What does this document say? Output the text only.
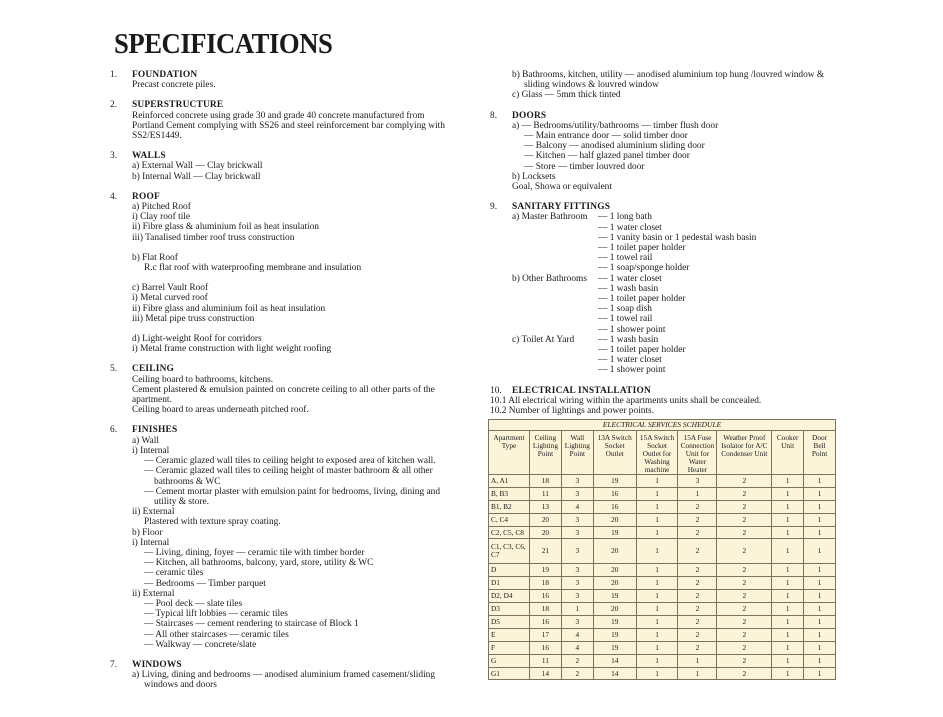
SPECIFICATIONS
1. FOUNDATION
Precast concrete piles.
2. SUPERSTRUCTURE
Reinforced concrete using grade 30 and grade 40 concrete manufactured from
Portland Cement complying with SS26 and steel reinforcement bar complying with
SS2/ES1449.
3. WALLS
a) External Wall — Clay brickwall
b) Internal Wall — Clay brickwall
4. ROOF
a) Pitched Roof
i) Clay roof tile
ii) Fibre glass & aluminium foil as heat insulation
iii) Tanalised timber roof truss construction
b) Flat Roof
R.c flat roof with waterproofing membrane and insulation
c) Barrel Vault Roof
i) Metal curved roof
ii) Fibre glass and aluminium foil as heat insulation
iii) Metal pipe truss construction
d) Light-weight Roof for corridors
i) Metal frame construction with light weight roofing
5. CEILING
Ceiling board to bathrooms, kitchens.
Cement plastered & emulsion painted on concrete ceiling to all other parts of the
apartment.
Ceiling board to areas underneath pitched roof.
6. FINISHES
a) Wall
i) Internal
— Ceramic glazed wall tiles to ceiling height to exposed area of kitchen wall.
— Ceramic glazed wall tiles to ceiling height of master bathroom & all other
bathrooms & WC
— Cement mortar plaster with emulsion paint for bedrooms, living, dining and
utility & store.
ii) External
Plastered with texture spray coating.
b) Floor
i) Internal
— Living, dining, foyer — ceramic tile with timber border
— Kitchen, all bathrooms, balcony, yard, store, utility & WC
— ceramic tiles
— Bedrooms — Timber parquet
ii) External
— Pool deck — slate tiles
— Typical lift lobbies — ceramic tiles
— Staircases — cement rendering to staircase of Block 1
— All other staircases — ceramic tiles
— Walkway — concrete/slate
7. WINDOWS
a) Living, dining and bedrooms — anodised aluminium framed casement/sliding
windows and doors
b) Bathrooms, kitchen, utility — anodised aluminium top hung /louvred window &
sliding windows & louvred window
c) Glass — 5mm thick tinted
8. DOORS
a) — Bedrooms/utility/bathrooms — timber flush door
— Main entrance door — solid timber door
— Balcony — anodised aluminium sliding door
— Kitchen — half glazed panel timber door
— Store — timber louvred door
b) Locksets
Goal, Showa or equivalent
9. SANITARY FITTINGS
a) Master Bathroom	— 1 long bath
— 1 water closet
— 1 vanity basin or 1 pedestal wash basin
— 1 toilet paper holder
— 1 towel rail
— 1 soap/sponge holder
b) Other Bathrooms	— 1 water closet
— 1 wash basin
— 1 toilet paper holder
— 1 soap dish
— 1 towel rail
— 1 shower point
c) Toilet At Yard	— 1 wash basin
— 1 toilet paper holder
— 1 water closet
— 1 shower point
10. ELECTRICAL INSTALLATION
10.1 All electrical wiring within the apartments units shall be concealed.
10.2 Number of lightings and power points.
ELECTRICAL SERVICES SCHEDULE								
Apartment Type	Ceiling Lighting Point	Wall Lighting Point	13A Switch Socket Outlet	15A Switch Socket Outlet for Washing machine	15A Fuse Connection Unit for Water Heater	Weather Proof Isolator for A/C Condenser Unit	Cooker Unit	Door Bell Point
A, A1	18	3	19	1	3	2	1	1
B, B3	11	3	16	1	1	2	1	1
B1, B2	13	4	16	1	2	2	1	1
C, C4	20	3	20	1	2	2	1	1
C2, C5, C8	20	3	19	1	2	2	1	1
C1, C3, C6, C7	21	3	20	1	2	2	1	1
D	19	3	20	1	2	2	1	1
D1	18	3	20	1	2	2	1	1
D2, D4	16	3	19	1	2	2	1	1
D3	18	1	20	1	2	2	1	1
D5	16	3	19	1	2	2	1	1
E	17	4	19	1	2	2	1	1
F	16	4	19	1	2	2	1	1
G	11	2	14	1	1	2	1	1
G1	14	2	14	1	1	2	1	1
